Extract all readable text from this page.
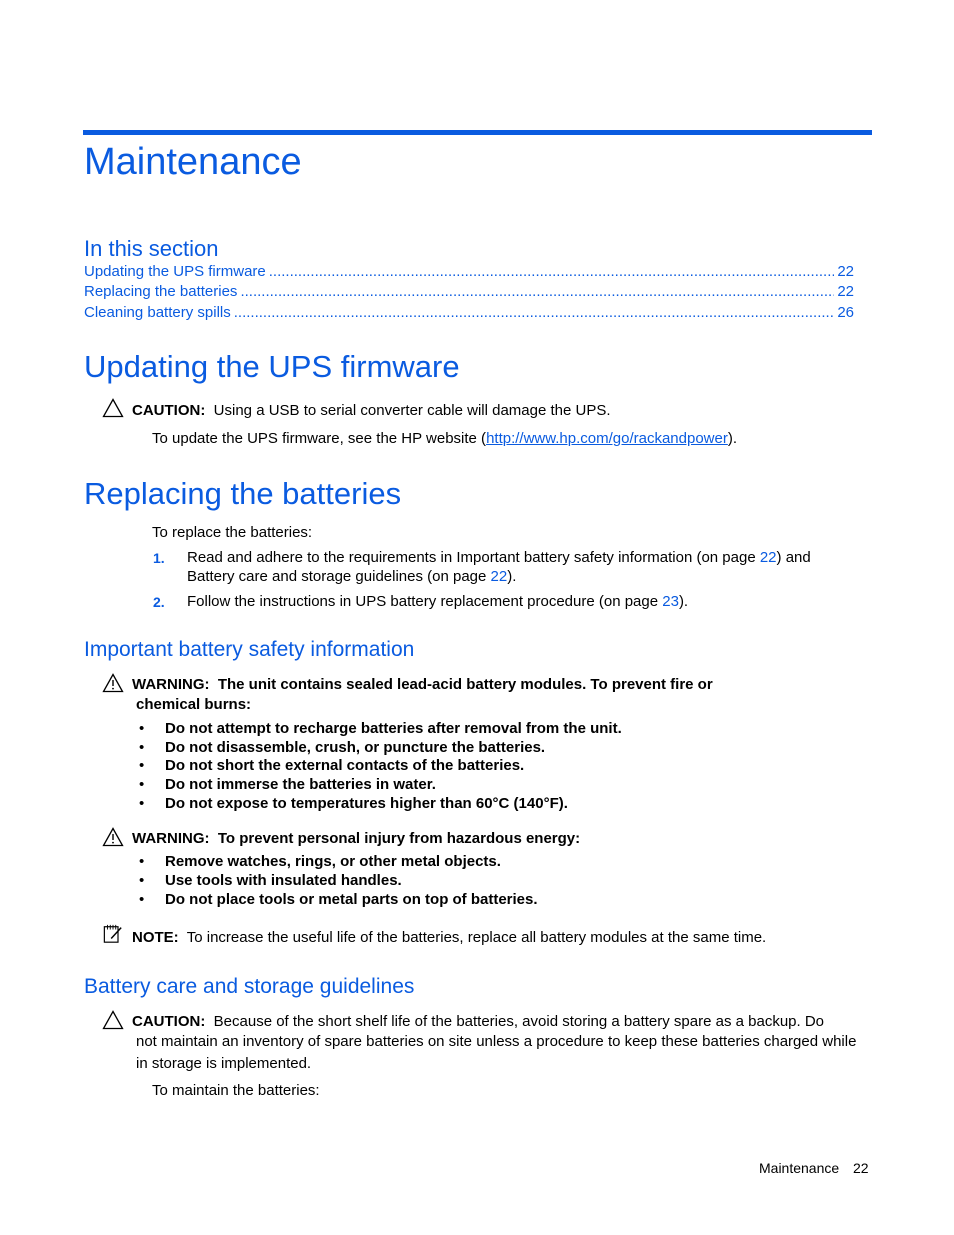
Maintenance
In this section
Updating the UPS firmware .....	22
Replacing the batteries .....	22
Cleaning battery spills .....	26
Updating the UPS firmware
CAUTION: Using a USB to serial converter cable will damage the UPS.
To update the UPS firmware, see the HP website (http://www.hp.com/go/rackandpower).
Replacing the batteries
To replace the batteries:
1. Read and adhere to the requirements in Important battery safety information (on page 22) and
Battery care and storage guidelines (on page 22).
2. Follow the instructions in UPS battery replacement procedure (on page 23).
Important battery safety information
WARNING: The unit contains sealed lead-acid battery modules. To prevent fire or
chemical burns:
• Do not attempt to recharge batteries after removal from the unit.
• Do not disassemble, crush, or puncture the batteries.
• Do not short the external contacts of the batteries.
• Do not immerse the batteries in water.
• Do not expose to temperatures higher than 60°C (140°F).
WARNING: To prevent personal injury from hazardous energy:
• Remove watches, rings, or other metal objects.
• Use tools with insulated handles.
• Do not place tools or metal parts on top of batteries.
NOTE: To increase the useful life of the batteries, replace all battery modules at the same time.
Battery care and storage guidelines
CAUTION: Because of the short shelf life of the batteries, avoid storing a battery spare as a backup. Do
not maintain an inventory of spare batteries on site unless a procedure to keep these batteries charged while
in storage is implemented.
To maintain the batteries:
Maintenance 22
